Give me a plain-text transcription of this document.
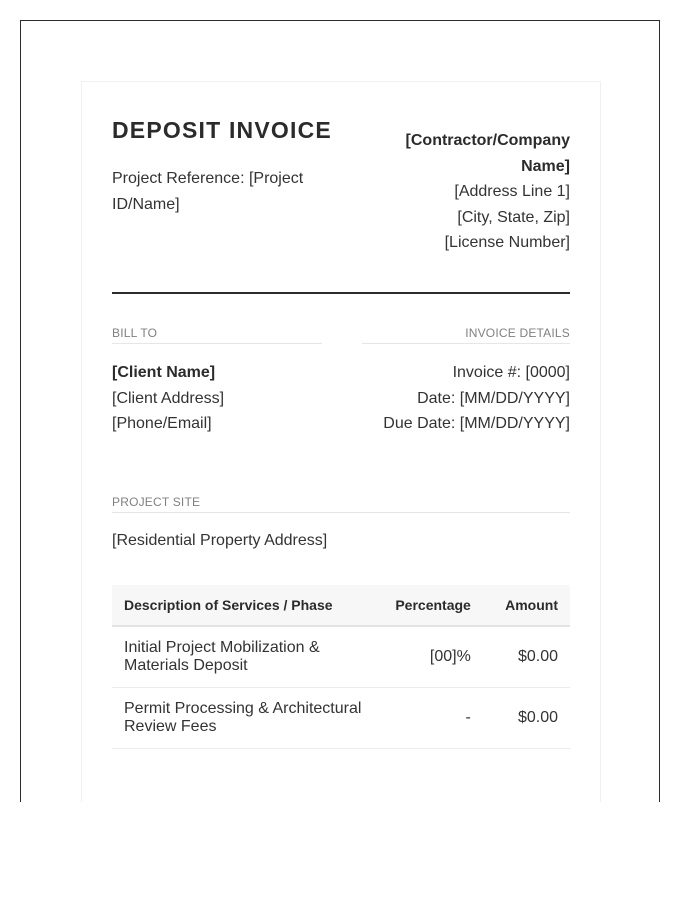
DEPOSIT INVOICE
Project Reference: [Project ID/Name]
[Contractor/Company Name]
[Address Line 1]
[City, State, Zip]
[License Number]
BILL TO	INVOICE DETAILS
[Client Name]
[Client Address]
[Phone/Email]
Invoice #: [0000]
Date: [MM/DD/YYYY]
Due Date: [MM/DD/YYYY]
PROJECT SITE
[Residential Property Address]
Description of Services / Phase	Percentage	Amount
Initial Project Mobilization & Materials Deposit	[00]%	$0.00
Permit Processing & Architectural Review Fees	-	$0.00
